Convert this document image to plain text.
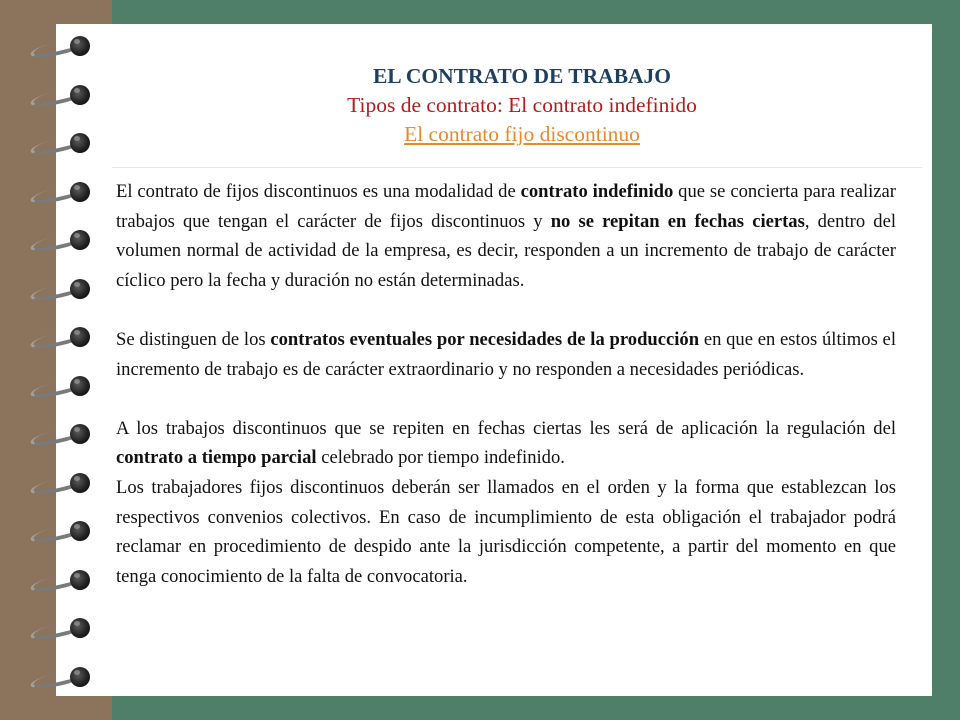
EL CONTRATO DE TRABAJO
Tipos de contrato: El contrato indefinido
El contrato fijo discontinuo

El contrato de fijos discontinuos es una modalidad de contrato indefinido que se concierta para realizar trabajos que tengan el carácter de fijos discontinuos y no se repitan en fechas ciertas, dentro del volumen normal de actividad de la empresa, es decir, responden a un incremento de trabajo de carácter cíclico pero la fecha y duración no están determinadas.

Se distinguen de los contratos eventuales por necesidades de la producción en que en estos últimos el incremento de trabajo es de carácter extraordinario y no responden a necesidades periódicas.

A los trabajos discontinuos que se repiten en fechas ciertas les será de aplicación la regulación del contrato a tiempo parcial celebrado por tiempo indefinido.

Los trabajadores fijos discontinuos deberán ser llamados en el orden y la forma que establezcan los respectivos convenios colectivos. En caso de incumplimiento de esta obligación el trabajador podrá reclamar en procedimiento de despido ante la jurisdicción competente, a partir del momento en que tenga conocimiento de la falta de convocatoria.
